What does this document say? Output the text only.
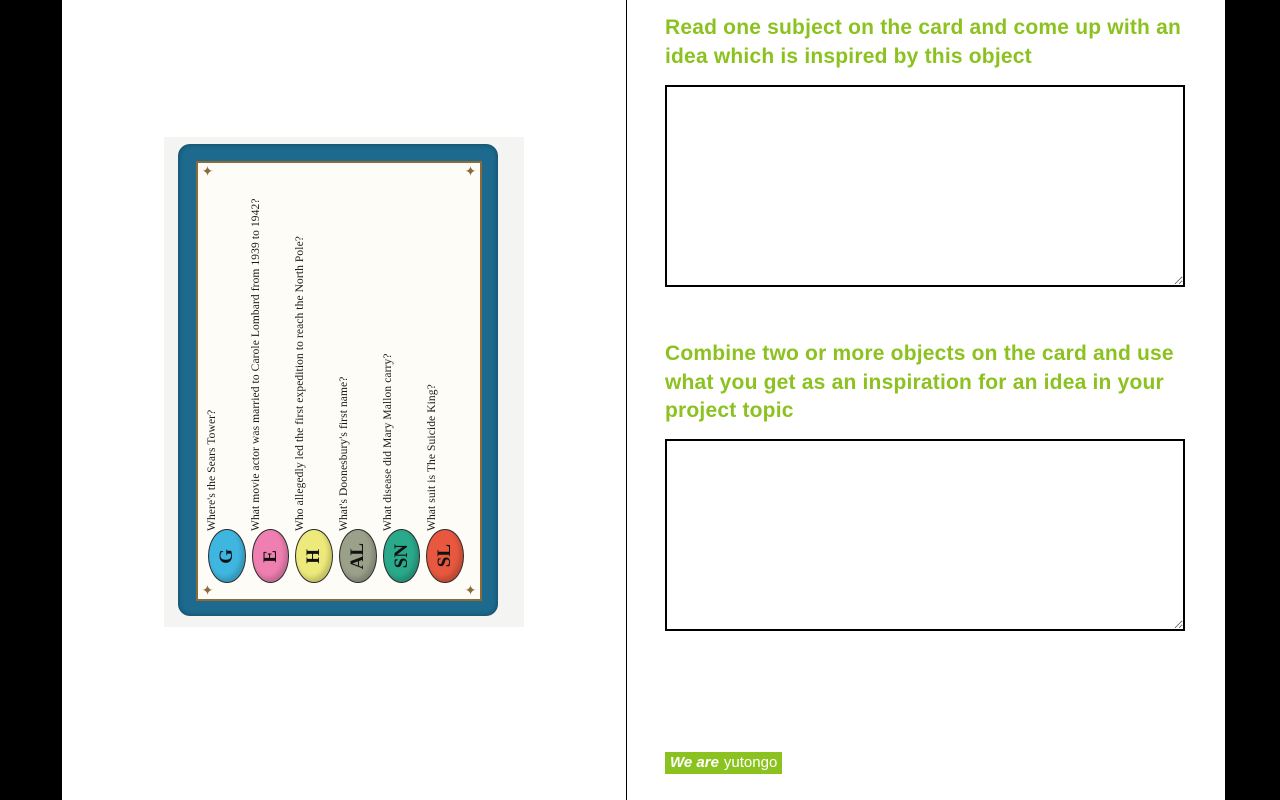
✦	✦
✦	✦
Where's the Sears Tower?	What movie actor was married to Carole Lombard from 1939 to 1942?	Who allegedly led the first expedition to reach the North Pole?	What's Doonesbury's first name?	What disease did Mary Mallon carry?	What suit is The Suicide King?
G E H AL SN SL
Read one subject on the card and come up with an idea which is inspired by this object
Combine two or more objects on the card and use what you get as an inspiration for an idea in your project topic
We are yutongo
